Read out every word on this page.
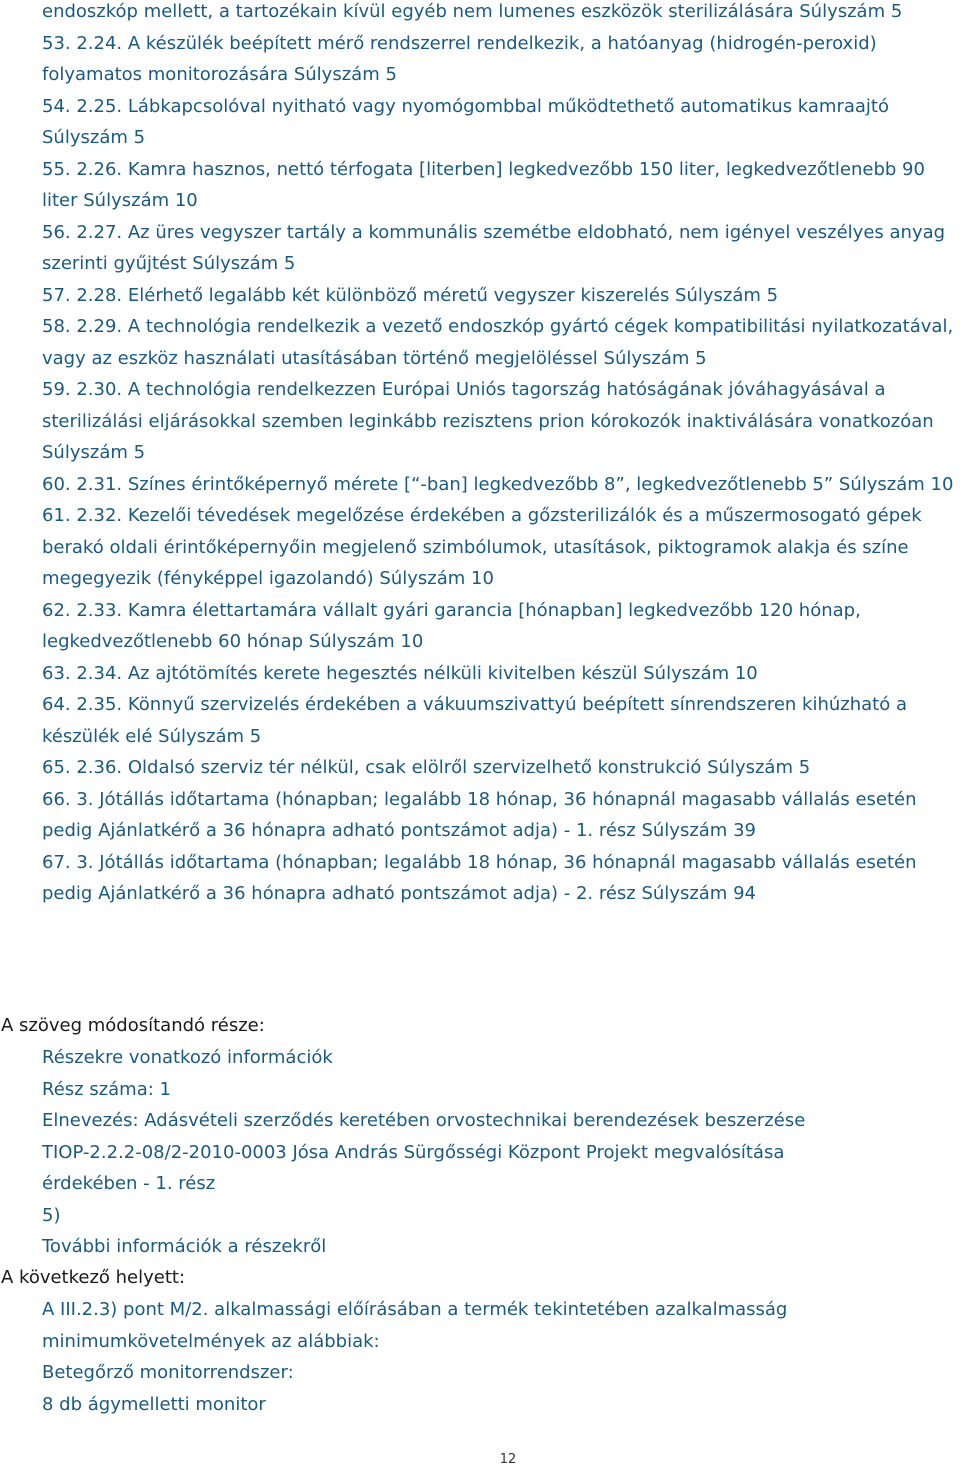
endoszkóp mellett, a tartozékain kívül egyéb nem lumenes eszközök sterilizálására Súlyszám 5
53. 2.24. A készülék beépített mérő rendszerrel rendelkezik, a hatóanyag (hidrogén-peroxid) folyamatos monitorozására Súlyszám 5
54. 2.25. Lábkapcsolóval nyitható vagy nyomógombbal működtethető automatikus kamraajtó Súlyszám 5
55. 2.26. Kamra hasznos, nettó térfogata [literben] legkedvezőbb 150 liter, legkedvezőtlenebb 90 liter Súlyszám 10
56. 2.27. Az üres vegyszer tartály a kommunális szemétbe eldobható, nem igényel veszélyes anyag szerinti gyűjtést Súlyszám 5
57. 2.28. Elérhető legalább két különböző méretű vegyszer kiszerelés Súlyszám 5
58. 2.29. A technológia rendelkezik a vezető endoszkóp gyártó cégek kompatibilitási nyilatkozatával, vagy az eszköz használati utasításában történő megjelöléssel Súlyszám 5
59. 2.30. A technológia rendelkezzen Európai Uniós tagország hatóságának jóváhagyásával a sterilizálási eljárásokkal szemben leginkább rezisztens prion kórokozók inaktiválására vonatkozóan Súlyszám 5
60. 2.31. Színes érintőképernyő mérete [“-ban] legkedvezőbb 8”, legkedvezőtlenebb 5” Súlyszám 10
61. 2.32. Kezelői tévedések megelőzése érdekében a gőzsterilizálók és a műszermosogató gépek berakó oldali érintőképernyőin megjelenő szimbólumok, utasítások, piktogramok alakja és színe megegyezik (fényképpel igazolandó) Súlyszám 10
62. 2.33. Kamra élettartamára vállalt gyári garancia [hónapban] legkedvezőbb 120 hónap, legkedvezőtlenebb 60 hónap Súlyszám 10
63. 2.34. Az ajtótömítés kerete hegesztés nélküli kivitelben készül Súlyszám 10
64. 2.35. Könnyű szervizelés érdekében a vákuumszivattyú beépített sínrendszeren kihúzható a készülék elé Súlyszám 5
65. 2.36. Oldalsó szerviz tér nélkül, csak elölről szervizelhető konstrukció Súlyszám 5
66. 3. Jótállás időtartama (hónapban; legalább 18 hónap, 36 hónapnál magasabb vállalás esetén pedig Ajánlatkérő a 36 hónapra adható pontszámot adja) - 1. rész Súlyszám 39
67. 3. Jótállás időtartama (hónapban; legalább 18 hónap, 36 hónapnál magasabb vállalás esetén pedig Ajánlatkérő a 36 hónapra adható pontszámot adja) - 2. rész Súlyszám 94
A szöveg módosítandó része:
Részekre vonatkozó információk
Rész száma: 1
Elnevezés: Adásvételi szerződés keretében orvostechnikai berendezések beszerzése
TIOP-2.2.2-08/2-2010-0003 Jósa András Sürgősségi Központ Projekt megvalósítása
érdekében - 1. rész
5)
További információk a részekről
A következő helyett:
A III.2.3) pont M/2. alkalmassági előírásában a termék tekintetében azalkalmasság
minimumkövetelmények az alábbiak:
Betegőrző monitorrendszer:
8 db ágymelletti monitor
12
